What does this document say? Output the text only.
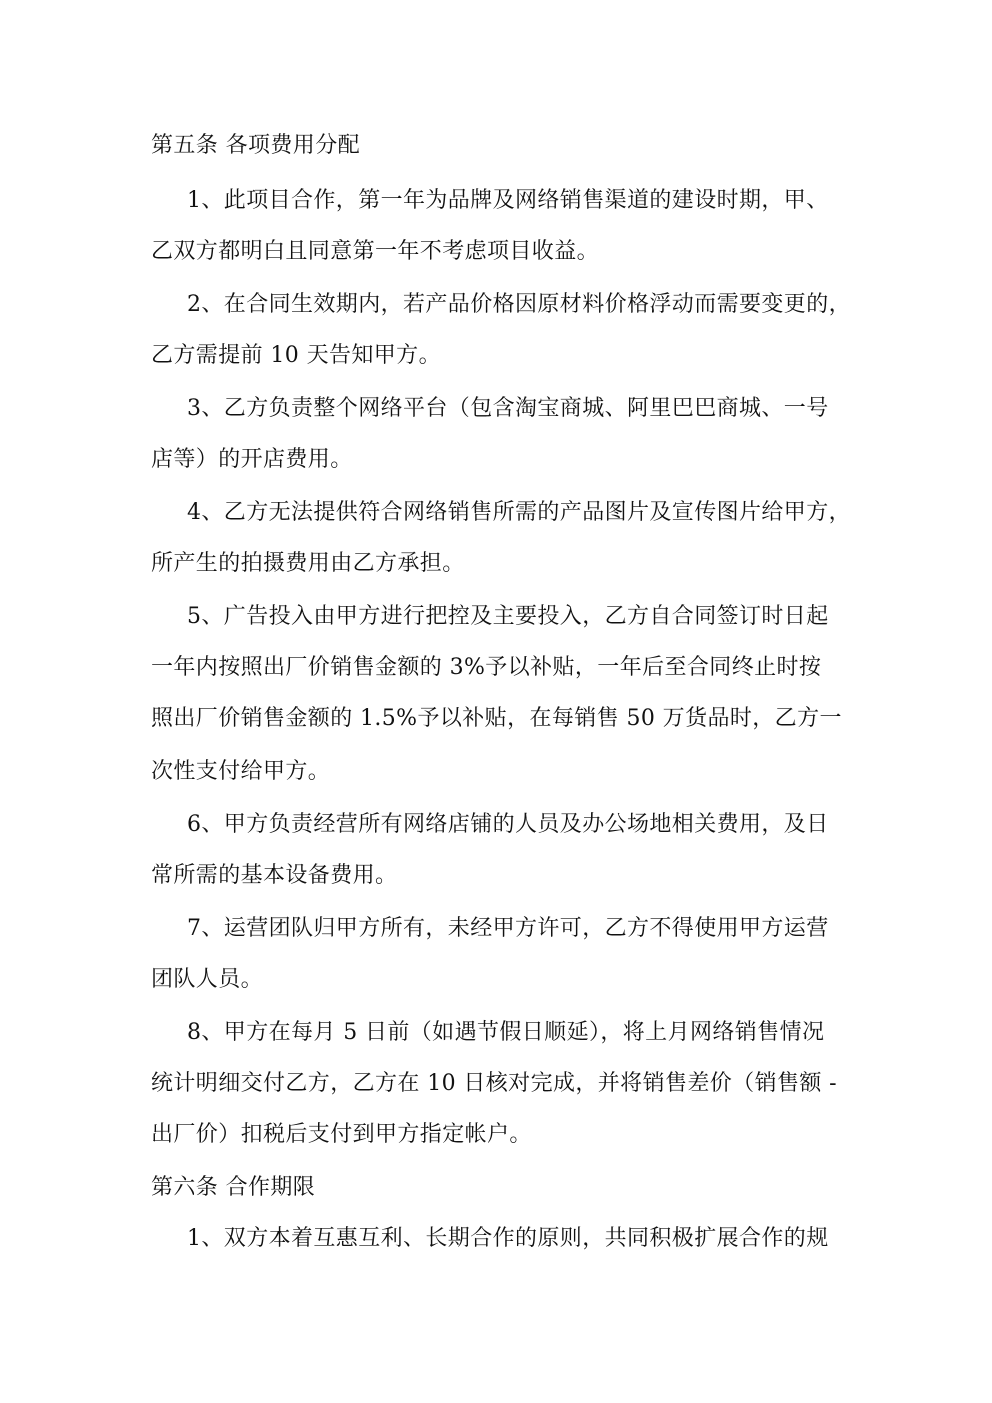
第五条 各项费用分配
1、此项目合作，第一年为品牌及网络销售渠道的建设时期，甲、
乙双方都明白且同意第一年不考虑项目收益。
2、在合同生效期内，若产品价格因原材料价格浮动而需要变更的，
乙方需提前 10 天告知甲方。
3、乙方负责整个网络平台（包含淘宝商城、阿里巴巴商城、一号
店等）的开店费用。
4、乙方无法提供符合网络销售所需的产品图片及宣传图片给甲方，
所产生的拍摄费用由乙方承担。
5、广告投入由甲方进行把控及主要投入，乙方自合同签订时日起
一年内按照出厂价销售金额的 3%予以补贴，一年后至合同终止时按
照出厂价销售金额的 1.5%予以补贴，在每销售 50 万货品时，乙方一
次性支付给甲方。
6、甲方负责经营所有网络店铺的人员及办公场地相关费用，及日
常所需的基本设备费用。
7、运营团队归甲方所有，未经甲方许可，乙方不得使用甲方运营
团队人员。
8、甲方在每月 5 日前（如遇节假日顺延），将上月网络销售情况
统计明细交付乙方，乙方在 10 日核对完成，并将销售差价（销售额 -
出厂价）扣税后支付到甲方指定帐户。
第六条 合作期限
1、双方本着互惠互利、长期合作的原则，共同积极扩展合作的规
